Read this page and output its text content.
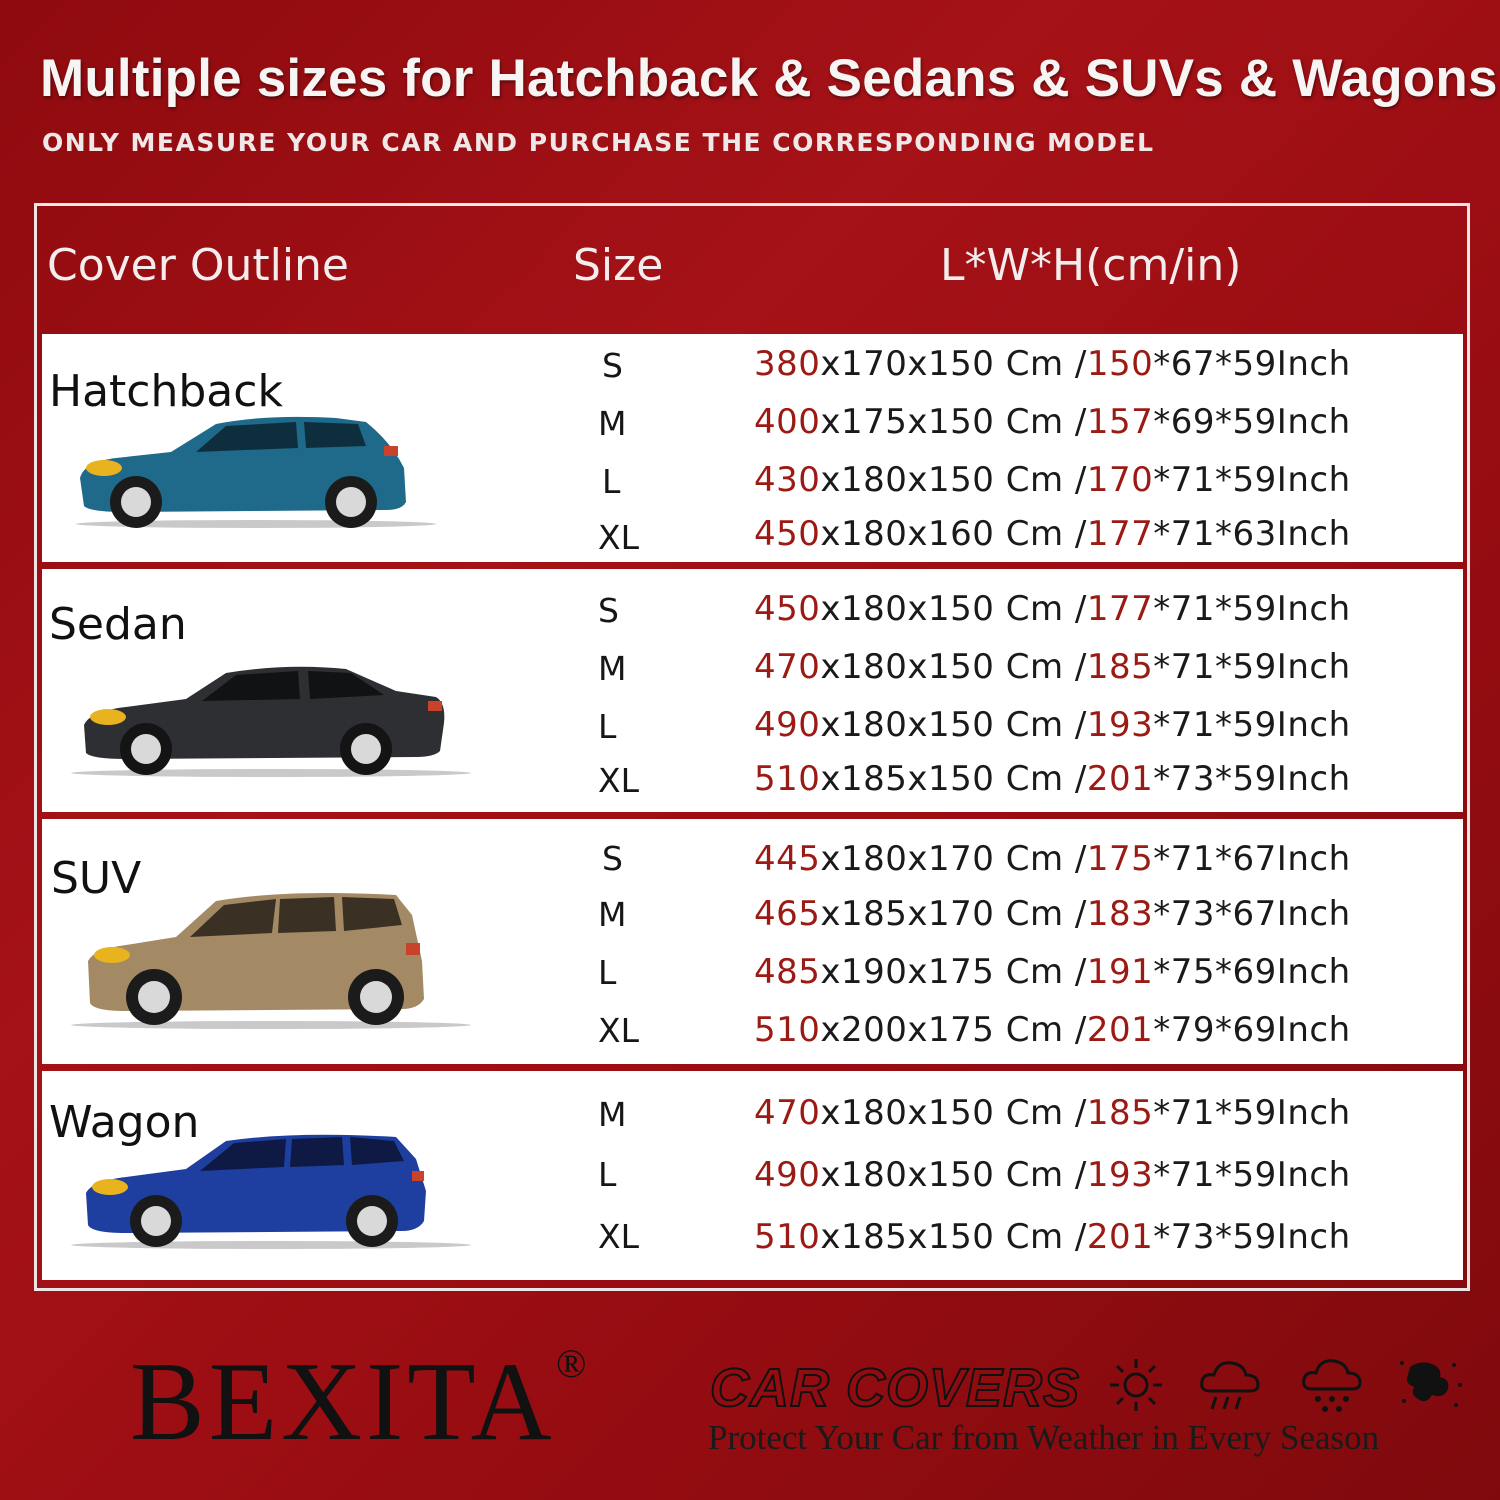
Multiple sizes for Hatchback & Sedans & SUVs & Wagons
ONLY MEASURE YOUR CAR AND PURCHASE THE CORRESPONDING MODEL
Cover Outline	Size	L*W*H(cm/in)
Hatchback
S	380x170x150 Cm /150*67*59Inch
M	400x175x150 Cm /157*69*59Inch
L	430x180x150 Cm /170*71*59Inch
XL	450x180x160 Cm /177*71*63Inch
Sedan	S	450x180x150 Cm /177*71*59Inch
M	470x180x150 Cm /185*71*59Inch
L	490x180x150 Cm /193*71*59Inch
XL	510x185x150 Cm /201*73*59Inch
SUV	S	445x180x170 Cm /175*71*67Inch
M	465x185x170 Cm /183*73*67Inch
L	485x190x175 Cm /191*75*69Inch
XL	510x200x175 Cm /201*79*69Inch
Wagon	M	470x180x150 Cm /185*71*59Inch
L	490x180x150 Cm /193*71*59Inch
XL	510x185x150 Cm /201*73*59Inch
BEXITA ® CAR COVERS
Protect Your Car from Weather in Every Season
